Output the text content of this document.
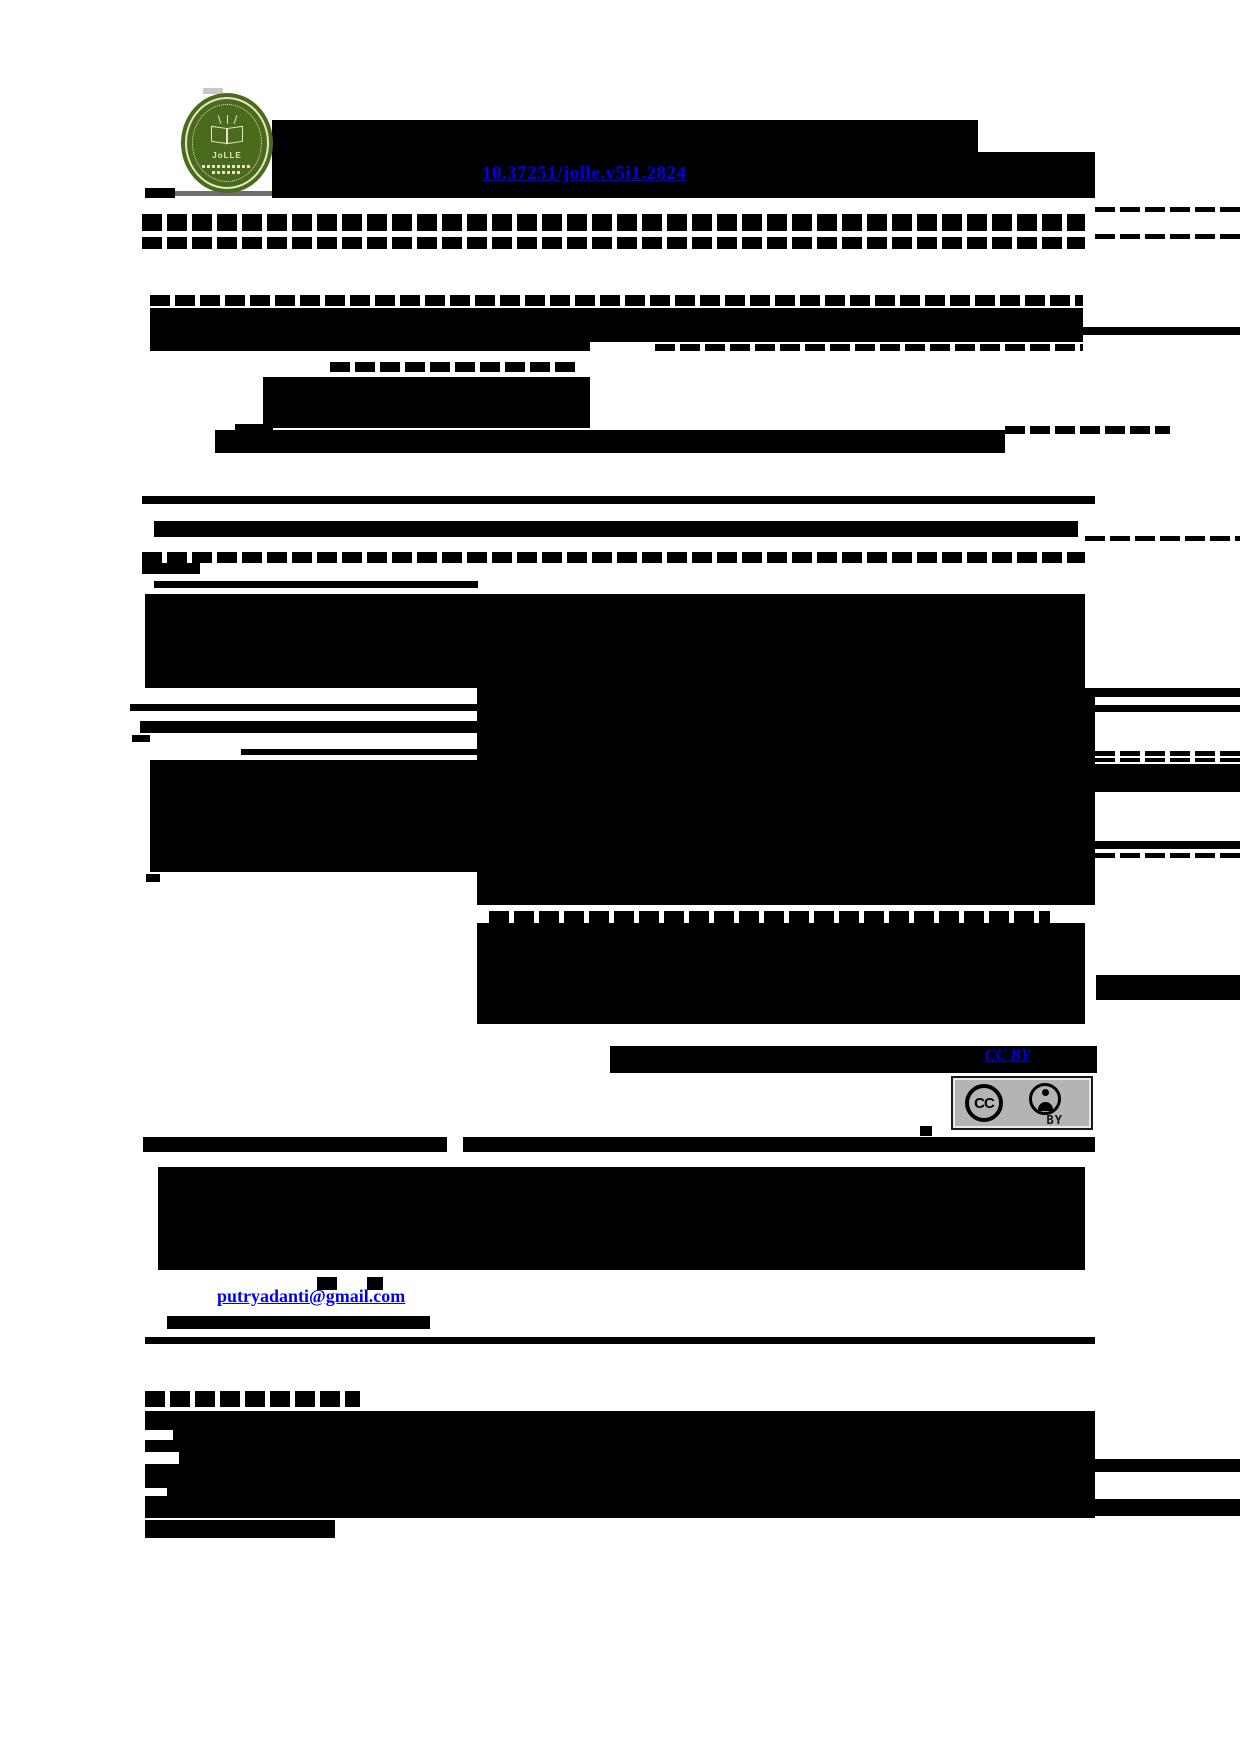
JoLLE
10.37251/jolle.v5i1.2824
CC BY
CC
BY
putryadanti@gmail.com
